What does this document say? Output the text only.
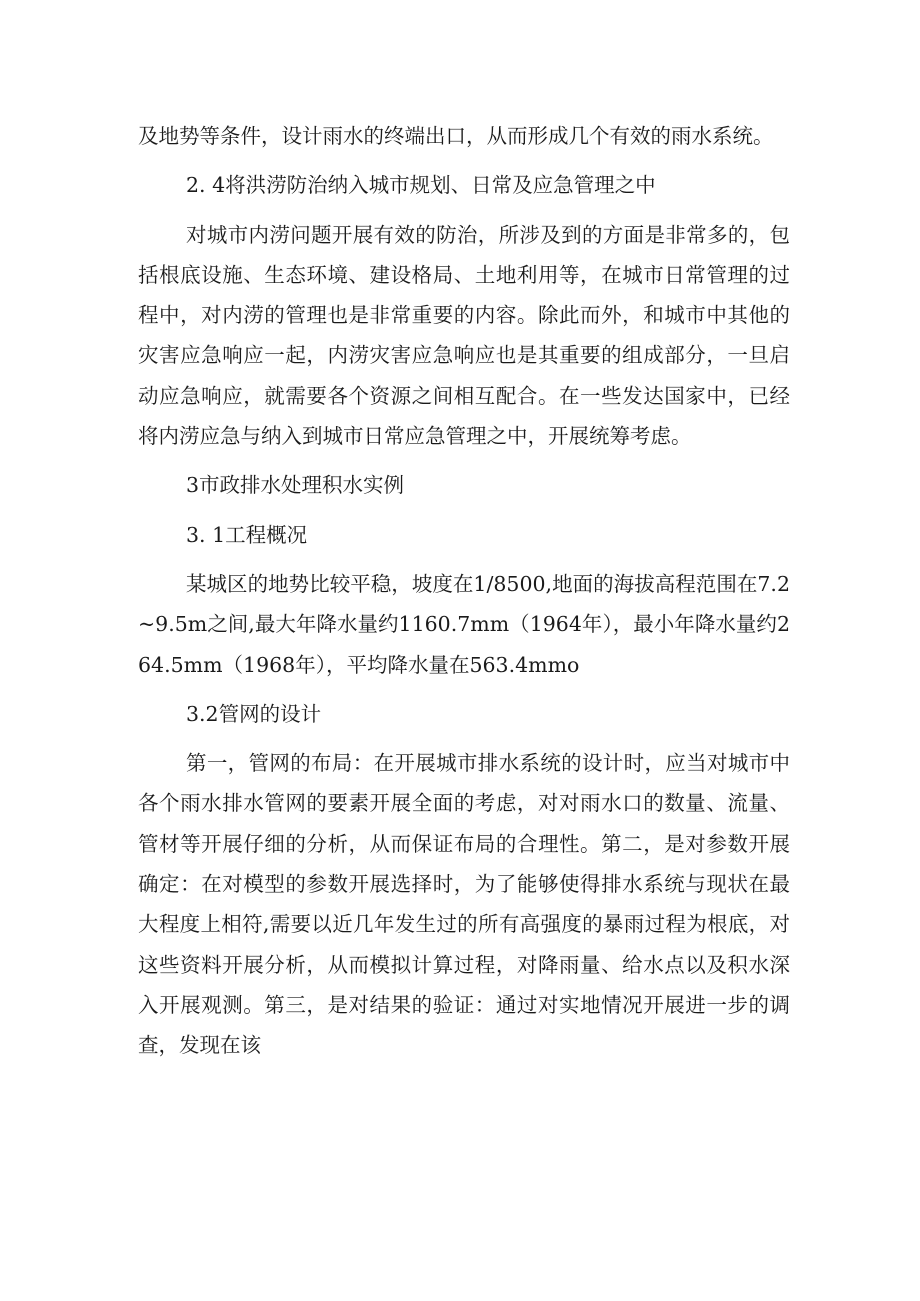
及地势等条件，设计雨水的终端出口，从而形成几个有效的雨水系统。

2. 4将洪涝防治纳入城市规划、日常及应急管理之中

对城市内涝问题开展有效的防治，所涉及到的方面是非常多的，包括根底设施、生态环境、建设格局、土地利用等，在城市日常管理的过程中，对内涝的管理也是非常重要的内容。除此而外，和城市中其他的灾害应急响应一起，内涝灾害应急响应也是其重要的组成部分，一旦启动应急响应，就需要各个资源之间相互配合。在一些发达国家中，已经将内涝应急与纳入到城市日常应急管理之中，开展统筹考虑。

3市政排水处理积水实例

3. 1工程概况

某城区的地势比较平稳，坡度在1/8500,地面的海拔高程范围在7.2~9.5m之间,最大年降水量约1160.7mm（1964年），最小年降水量约264.5mm（1968年），平均降水量在563.4mmo

3.2管网的设计

第一，管网的布局：在开展城市排水系统的设计时，应当对城市中各个雨水排水管网的要素开展全面的考虑，对对雨水口的数量、流量、管材等开展仔细的分析，从而保证布局的合理性。第二，是对参数开展确定：在对模型的参数开展选择时，为了能够使得排水系统与现状在最大程度上相符,需要以近几年发生过的所有高强度的暴雨过程为根底，对这些资料开展分析，从而模拟计算过程，对降雨量、给水点以及积水深入开展观测。第三，是对结果的验证：通过对实地情况开展进一步的调查，发现在该
